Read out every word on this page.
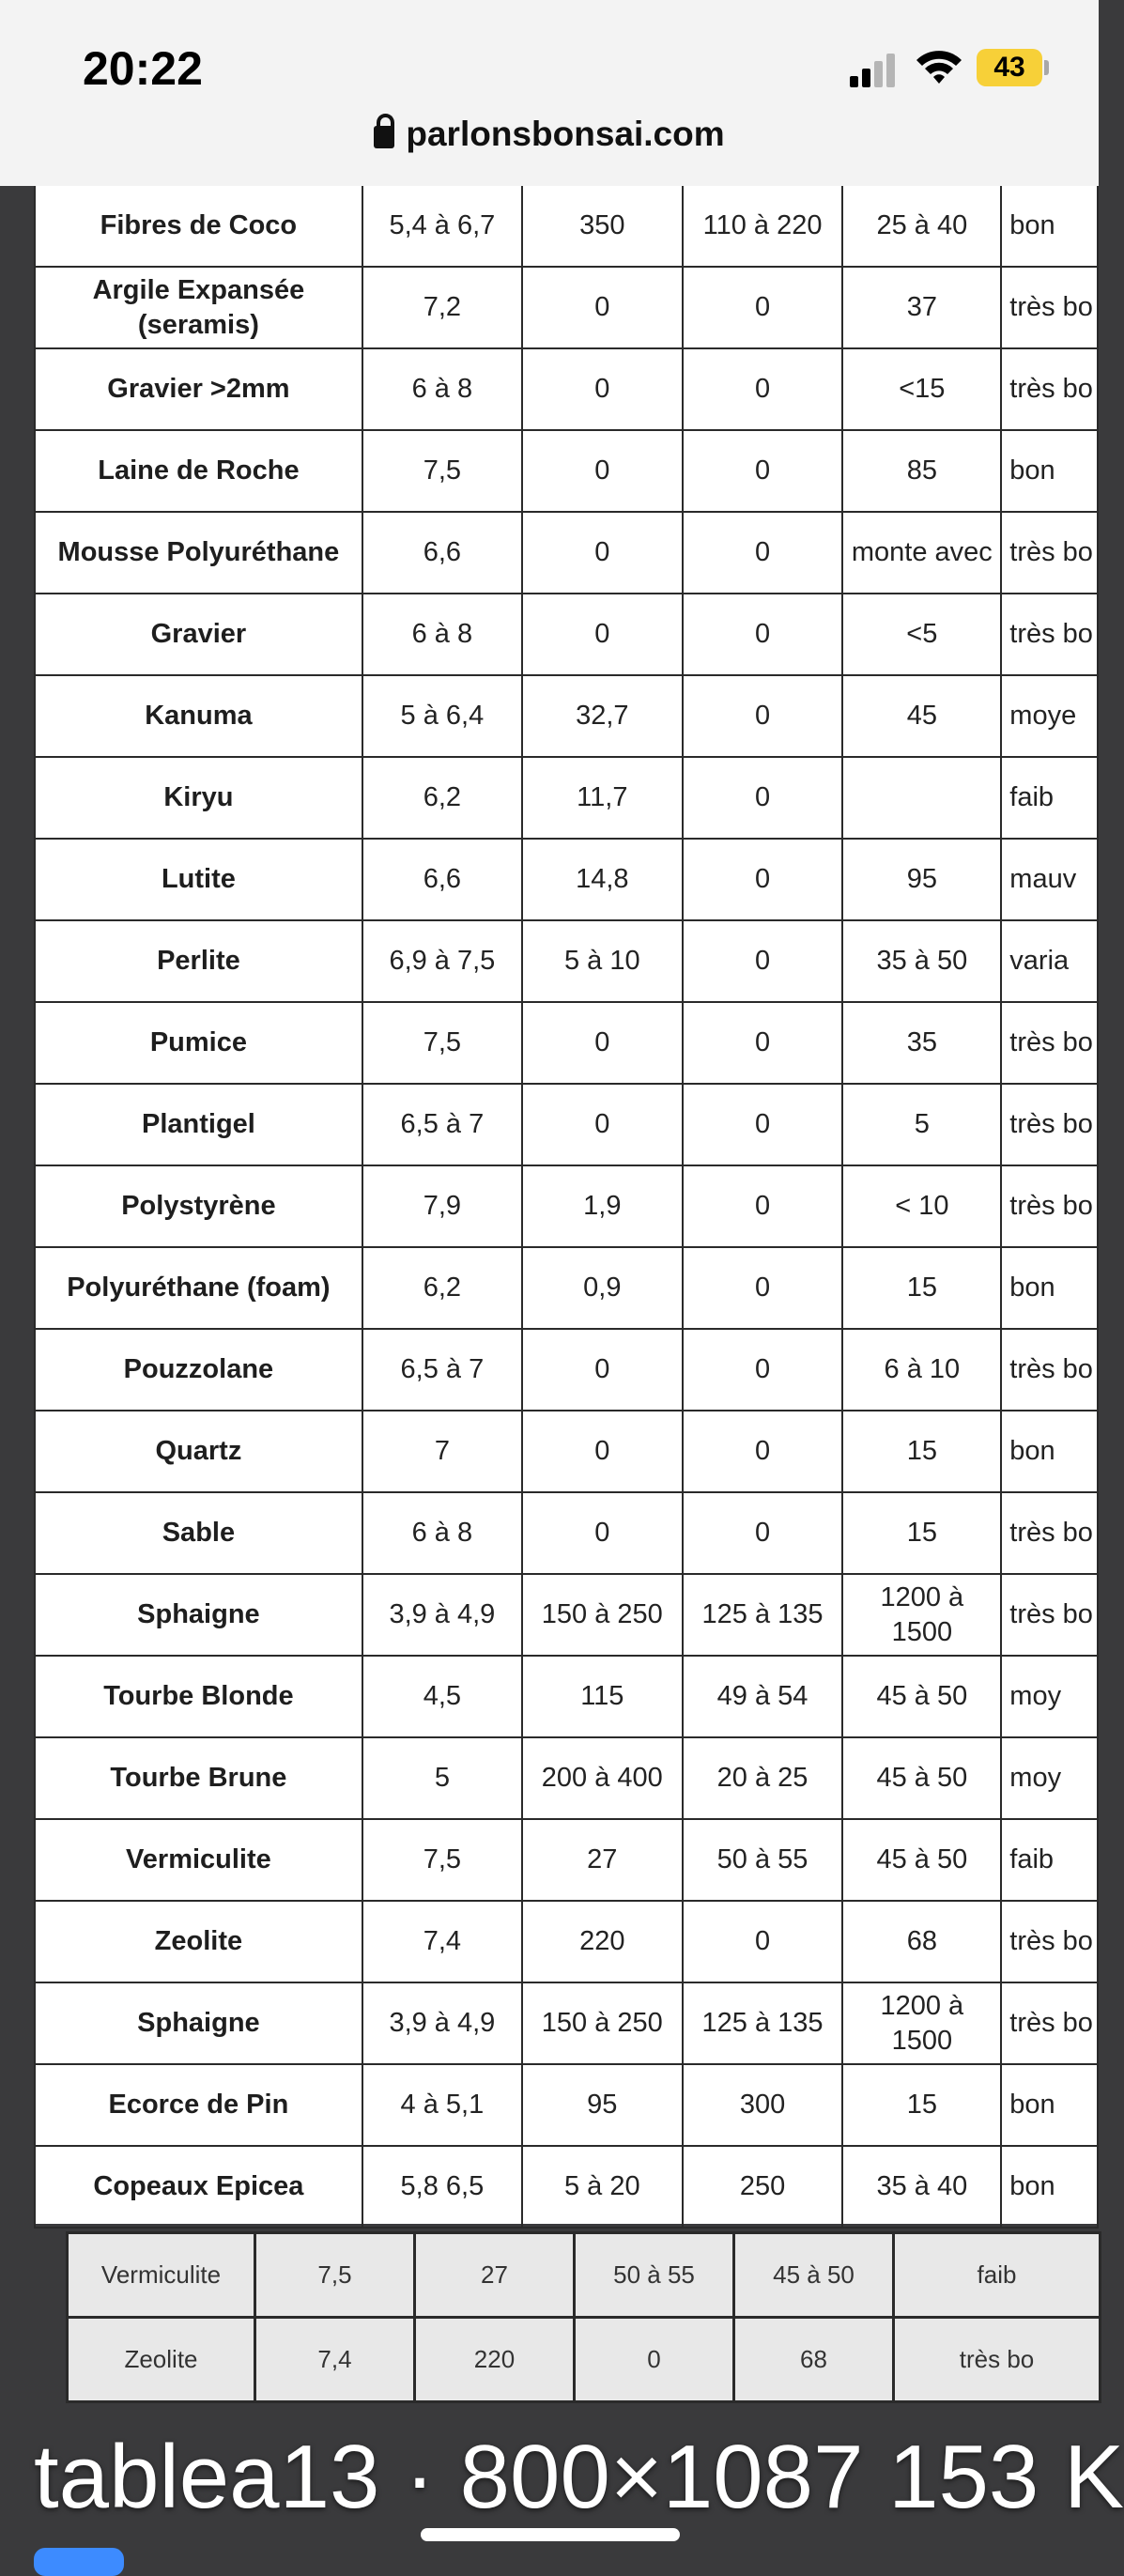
20:22	43
parlonsbonsai.com
Vermiculite	7,5	27	50 à 55	45 à 50	faib
Zeolite	7,4	220	0	68	très bo
Fibres de Coco	5,4 à 6,7	350	110 à 220	25 à 40	bon
Argile Expansée (seramis)	7,2	0	0	37	très bo
Gravier >2mm	6 à 8	0	0	<15	très bo
Laine de Roche	7,5	0	0	85	bon
Mousse Polyuréthane	6,6	0	0	monte avec	très bo
Gravier	6 à 8	0	0	<5	très bo
Kanuma	5 à 6,4	32,7	0	45	moye
Kiryu	6,2	11,7	0		faib
Lutite	6,6	14,8	0	95	mauv
Perlite	6,9 à 7,5	5 à 10	0	35 à 50	varia
Pumice	7,5	0	0	35	très bo
Plantigel	6,5 à 7	0	0	5	très bo
Polystyrène	7,9	1,9	0	< 10	très bo
Polyuréthane (foam)	6,2	0,9	0	15	bon
Pouzzolane	6,5 à 7	0	0	6 à 10	très bo
Quartz	7	0	0	15	bon
Sable	6 à 8	0	0	15	très bo
Sphaigne	3,9 à 4,9	150 à 250	125 à 135	1200 à 1500	très bo
Tourbe Blonde	4,5	115	49 à 54	45 à 50	moy
Tourbe Brune	5	200 à 400	20 à 25	45 à 50	moy
Vermiculite	7,5	27	50 à 55	45 à 50	faib
Zeolite	7,4	220	0	68	très bo
Sphaigne	3,9 à 4,9	150 à 250	125 à 135	1200 à 1500	très bo
Ecorce de Pin	4 à 5,1	95	300	15	bon
Copeaux Epicea	5,8 6,5	5 à 20	250	35 à 40	bon
tablea13 · 800×1087 153 K
